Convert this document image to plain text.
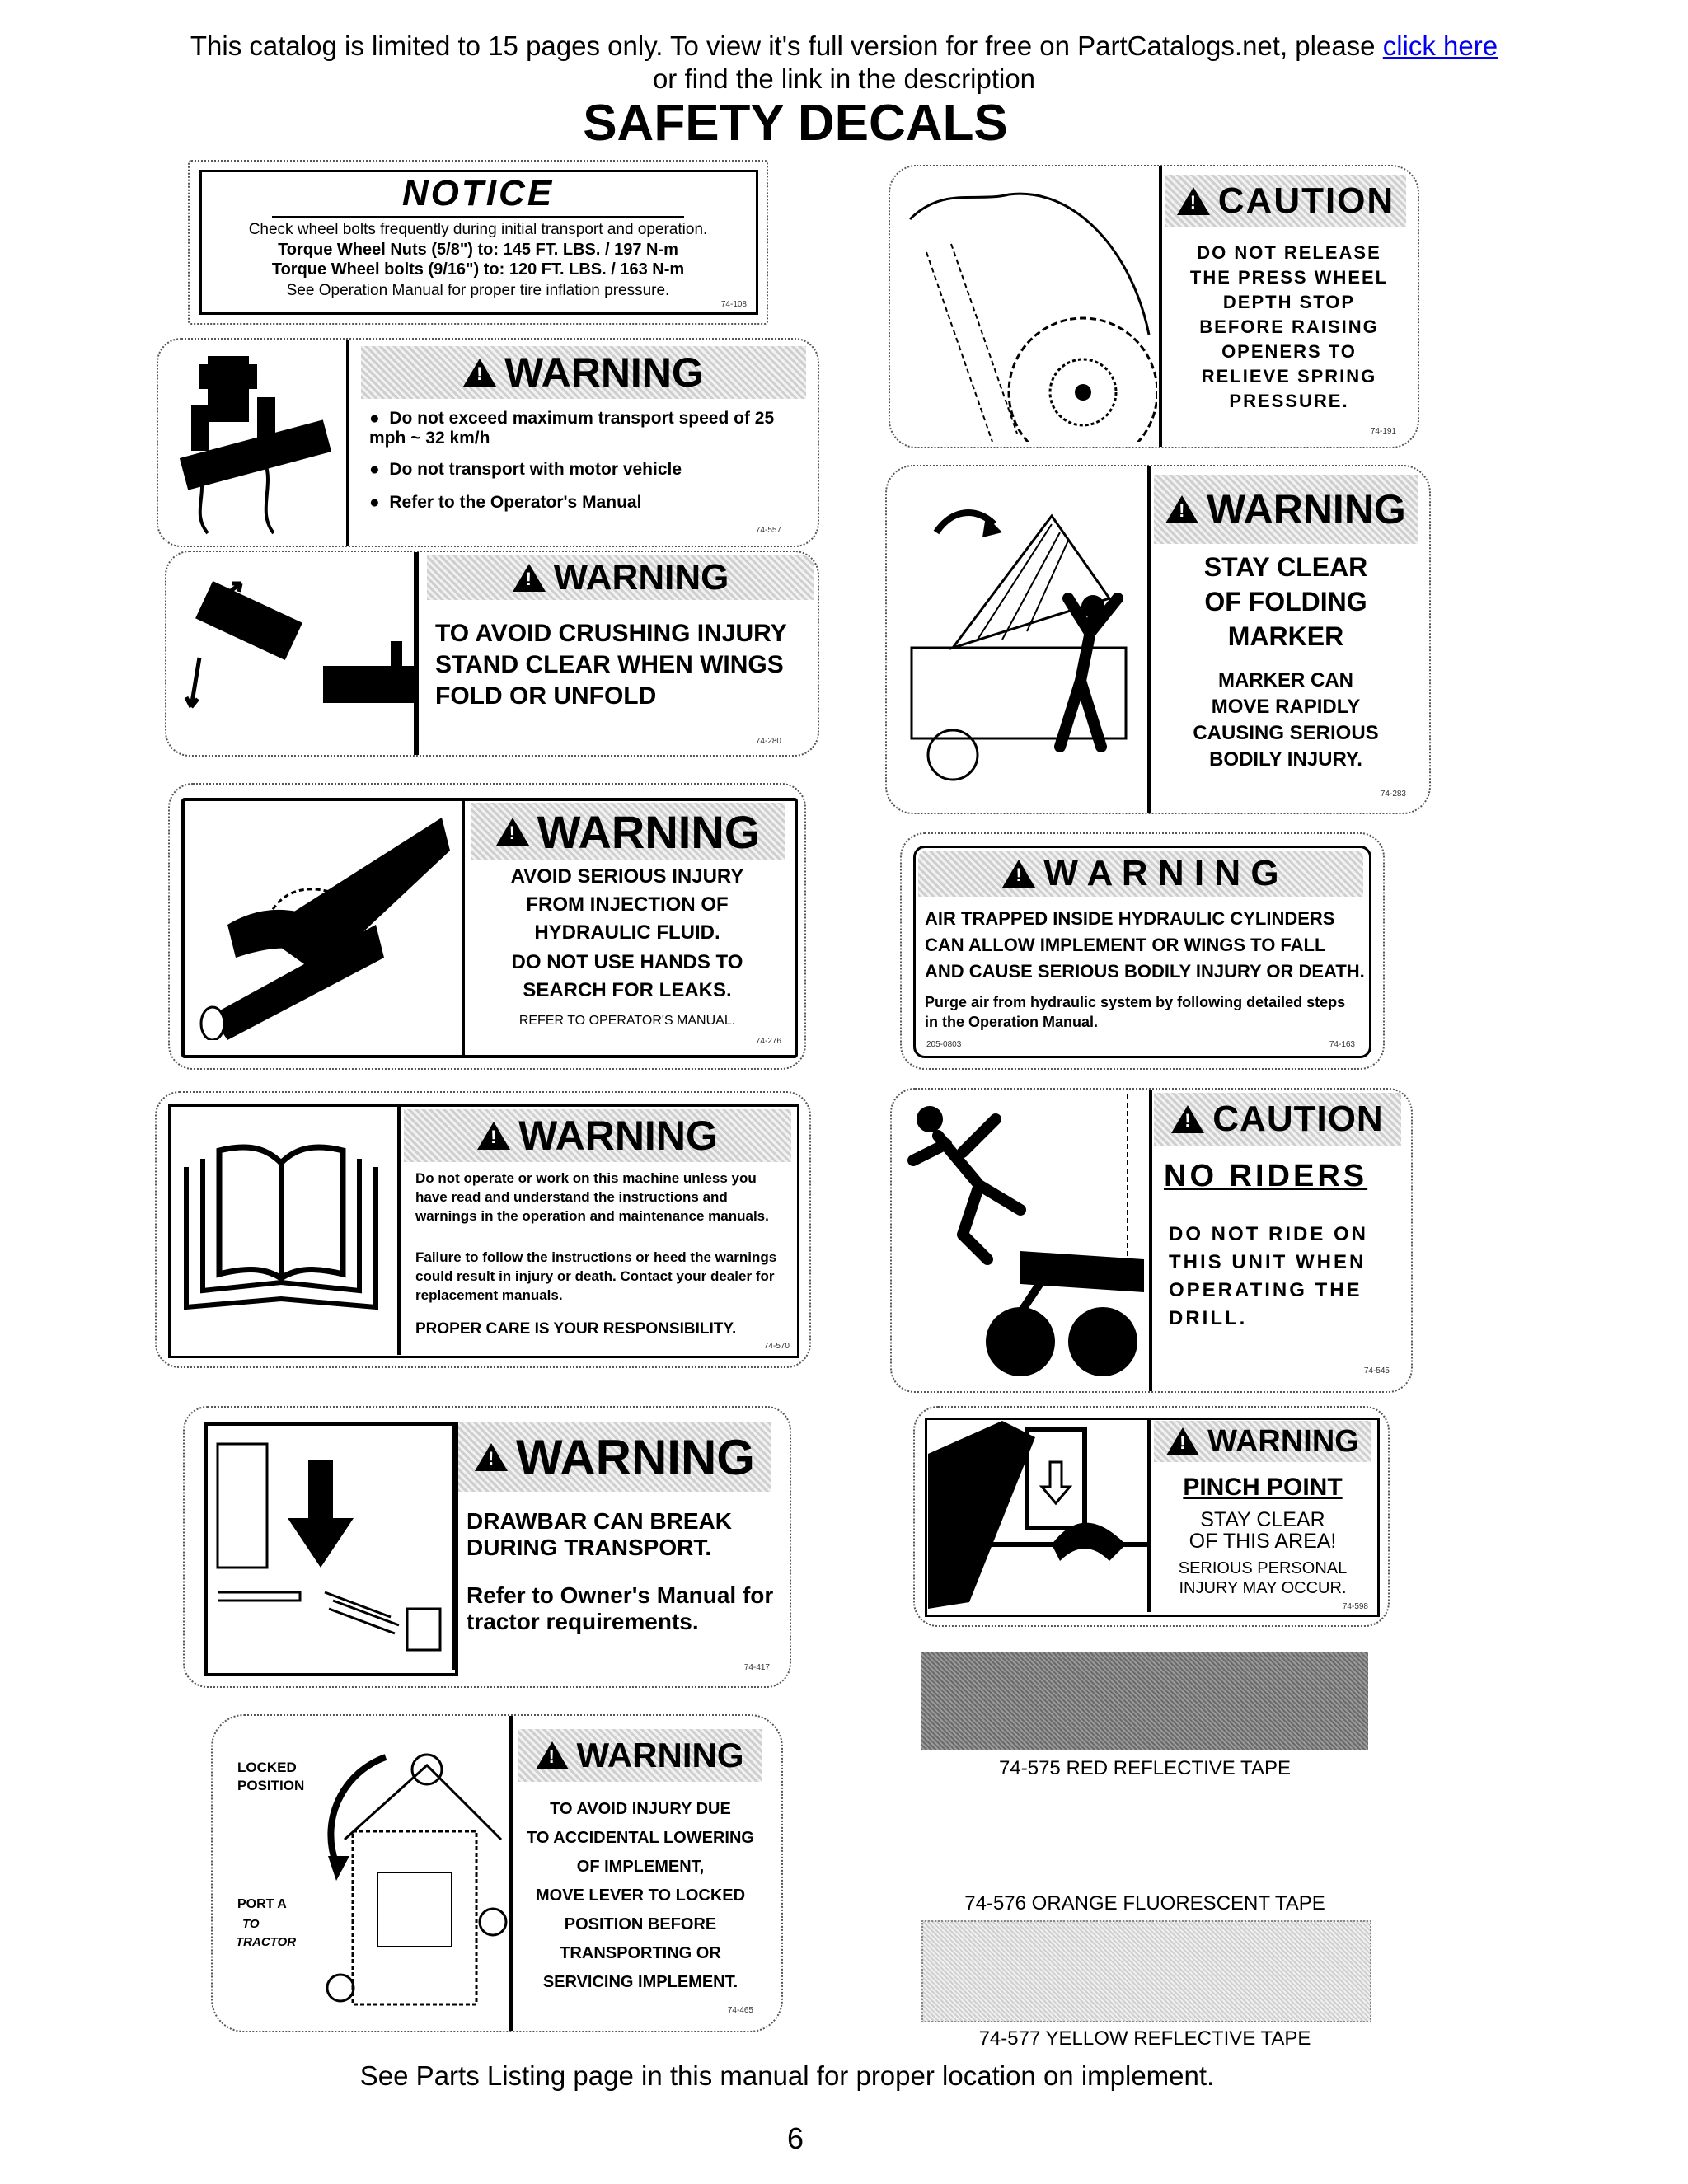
This catalog is limited to 15 pages only. To view it's full version for free on PartCatalogs.net, please click here
or find the link in the description
SAFETY DECALS
NOTICE
Check wheel bolts frequently during initial transport and operation.
Torque Wheel Nuts (5/8") to: 145 FT. LBS. / 197 N-m
Torque Wheel bolts (9/16") to: 120 FT. LBS. / 163 N-m
See Operation Manual for proper tire inflation pressure.
74-108
!
WARNING
●  Do not exceed maximum transport speed of 25 mph ~ 32 km/h
●  Do not transport with motor vehicle
●  Refer to the Operator's Manual
74-557
!
WARNING
TO AVOID CRUSHING INJURY STAND CLEAR WHEN WINGS FOLD OR UNFOLD
74-280
!
WARNING
AVOID SERIOUS INJURY
FROM INJECTION OF
HYDRAULIC FLUID.
DO NOT USE HANDS TO
SEARCH FOR LEAKS.
REFER TO OPERATOR'S MANUAL.
74-276
!
WARNING
Do not operate or work on this machine unless you have read and understand the instructions and warnings in the operation and maintenance manuals.
Failure to follow the instructions or heed the warnings could result in injury or death. Contact your dealer for replacement manuals.
PROPER CARE IS YOUR RESPONSIBILITY.
74-570
!
WARNING
DRAWBAR CAN BREAK DURING TRANSPORT.
Refer to Owner's Manual for tractor requirements.
74-417
LOCKED POSITION
PORT A
TO
TRACTOR
!
WARNING
TO AVOID INJURY DUE
TO ACCIDENTAL LOWERING
OF IMPLEMENT,
MOVE LEVER TO LOCKED
POSITION BEFORE
TRANSPORTING OR
SERVICING IMPLEMENT.
74-465
!
CAUTION
DO NOT RELEASE
THE PRESS WHEEL
DEPTH STOP
BEFORE RAISING
OPENERS TO
RELIEVE SPRING
PRESSURE.
74-191
!
WARNING
STAY CLEAR
OF FOLDING
MARKER
MARKER CAN
MOVE RAPIDLY
CAUSING SERIOUS
BODILY INJURY.
74-283
!
W A R N I N G
AIR TRAPPED INSIDE HYDRAULIC CYLINDERS
CAN ALLOW IMPLEMENT OR WINGS TO FALL
AND CAUSE SERIOUS BODILY INJURY OR DEATH.
Purge air from hydraulic system by following detailed steps in the Operation Manual.
205-0803	74-163
!
CAUTION
NO RIDERS
DO NOT RIDE ON
THIS UNIT WHEN
OPERATING THE
DRILL.
74-545
!
WARNING
PINCH POINT
STAY CLEAR
OF THIS AREA!
SERIOUS PERSONAL
INJURY MAY OCCUR.
74-598
74-575 RED REFLECTIVE TAPE
74-576 ORANGE FLUORESCENT TAPE
74-577 YELLOW REFLECTIVE TAPE
See Parts Listing page in this manual for proper location on implement.
6
